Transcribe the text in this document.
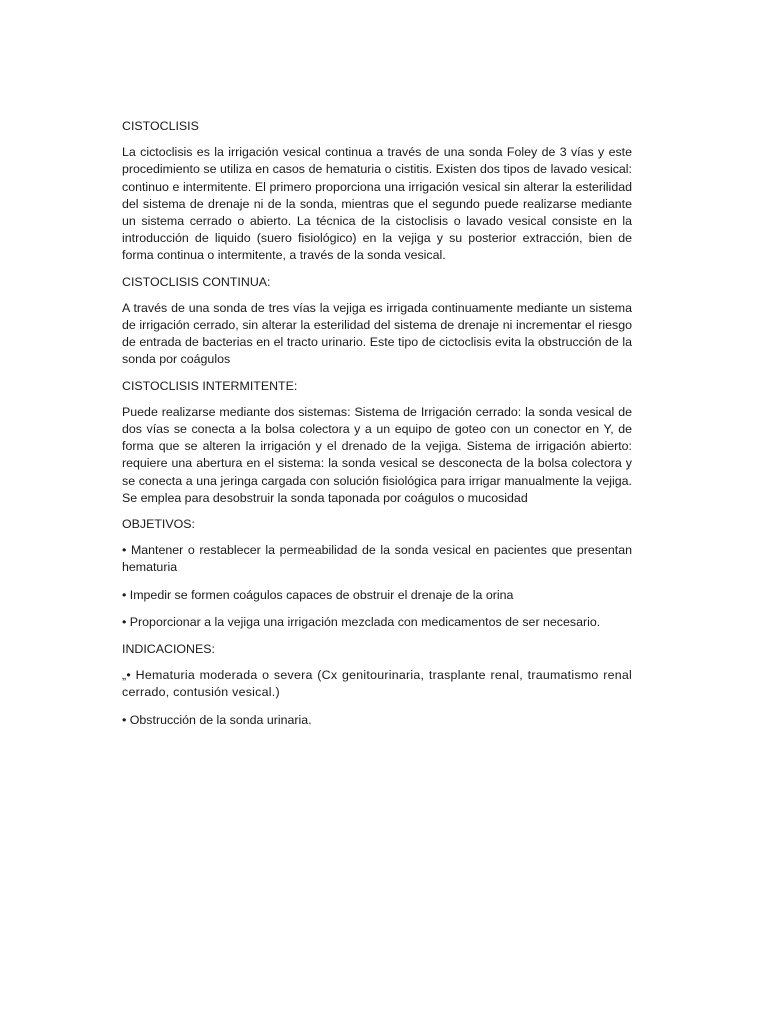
CISTOCLISIS

La cictoclisis es la irrigación vesical continua a través de una sonda Foley de 3 vías y este procedimiento se utiliza en casos de hematuria o cistitis. Existen dos tipos de lavado vesical: continuo e intermitente. El primero proporciona una irrigación vesical sin alterar la esterilidad del sistema de drenaje ni de la sonda, mientras que el segundo puede realizarse mediante un sistema cerrado o abierto. La técnica de la cistoclisis o lavado vesical consiste en la introducción de liquido (suero fisiológico) en la vejiga y su posterior extracción, bien de forma continua o intermitente, a través de la sonda vesical.

CISTOCLISIS CONTINUA:

A través de una sonda de tres vías la vejiga es irrigada continuamente mediante un sistema de irrigación cerrado, sin alterar la esterilidad del sistema de drenaje ni incrementar el riesgo de entrada de bacterias en el tracto urinario. Este tipo de cictoclisis evita la obstrucción de la sonda por coágulos

CISTOCLISIS INTERMITENTE:

Puede realizarse mediante dos sistemas: Sistema de Irrigación cerrado: la sonda vesical de dos vías se conecta a la bolsa colectora y a un equipo de goteo con un conector en Y, de forma que se alteren la irrigación y el drenado de la vejiga. Sistema de irrigación abierto: requiere una abertura en el sistema: la sonda vesical se desconecta de la bolsa colectora y se conecta a una jeringa cargada con solución fisiológica para irrigar manualmente la vejiga. Se emplea para desobstruir la sonda taponada por coágulos o mucosidad

OBJETIVOS:

• Mantener o restablecer la permeabilidad de la sonda vesical en pacientes que presentan hematuria

• Impedir se formen coágulos capaces de obstruir el drenaje de la orina

• Proporcionar a la vejiga una irrigación mezclada con medicamentos de ser necesario.

INDICACIONES:

„• Hematuria moderada o severa (Cx genitourinaria, trasplante renal, traumatismo renal cerrado, contusión vesical.)

• Obstrucción de la sonda urinaria.
